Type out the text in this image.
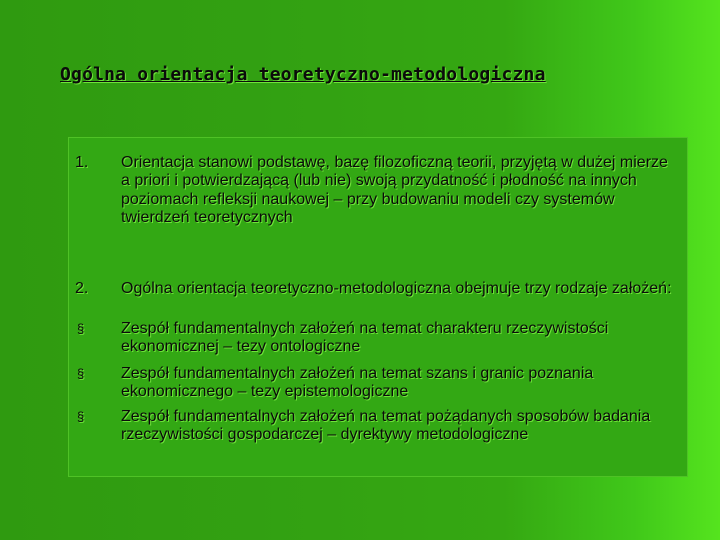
Ogólna orientacja teoretyczno-metodologiczna
1. Orientacja stanowi podstawę, bazę filozoficzną teorii, przyjętą w dużej mierze a priori i potwierdzającą (lub nie) swoją przydatność i płodność na innych poziomach refleksji naukowej – przy budowaniu modeli czy systemów twierdzeń teoretycznych

2. Ogólna orientacja teoretyczno-metodologiczna obejmuje trzy rodzaje założeń:

§ Zespół fundamentalnych założeń na temat charakteru rzeczywistości ekonomicznej – tezy ontologiczne

§ Zespół fundamentalnych założeń na temat szans i granic poznania ekonomicznego – tezy epistemologiczne

§ Zespół fundamentalnych założeń na temat pożądanych sposobów badania rzeczywistości gospodarczej – dyrektywy metodologiczne
